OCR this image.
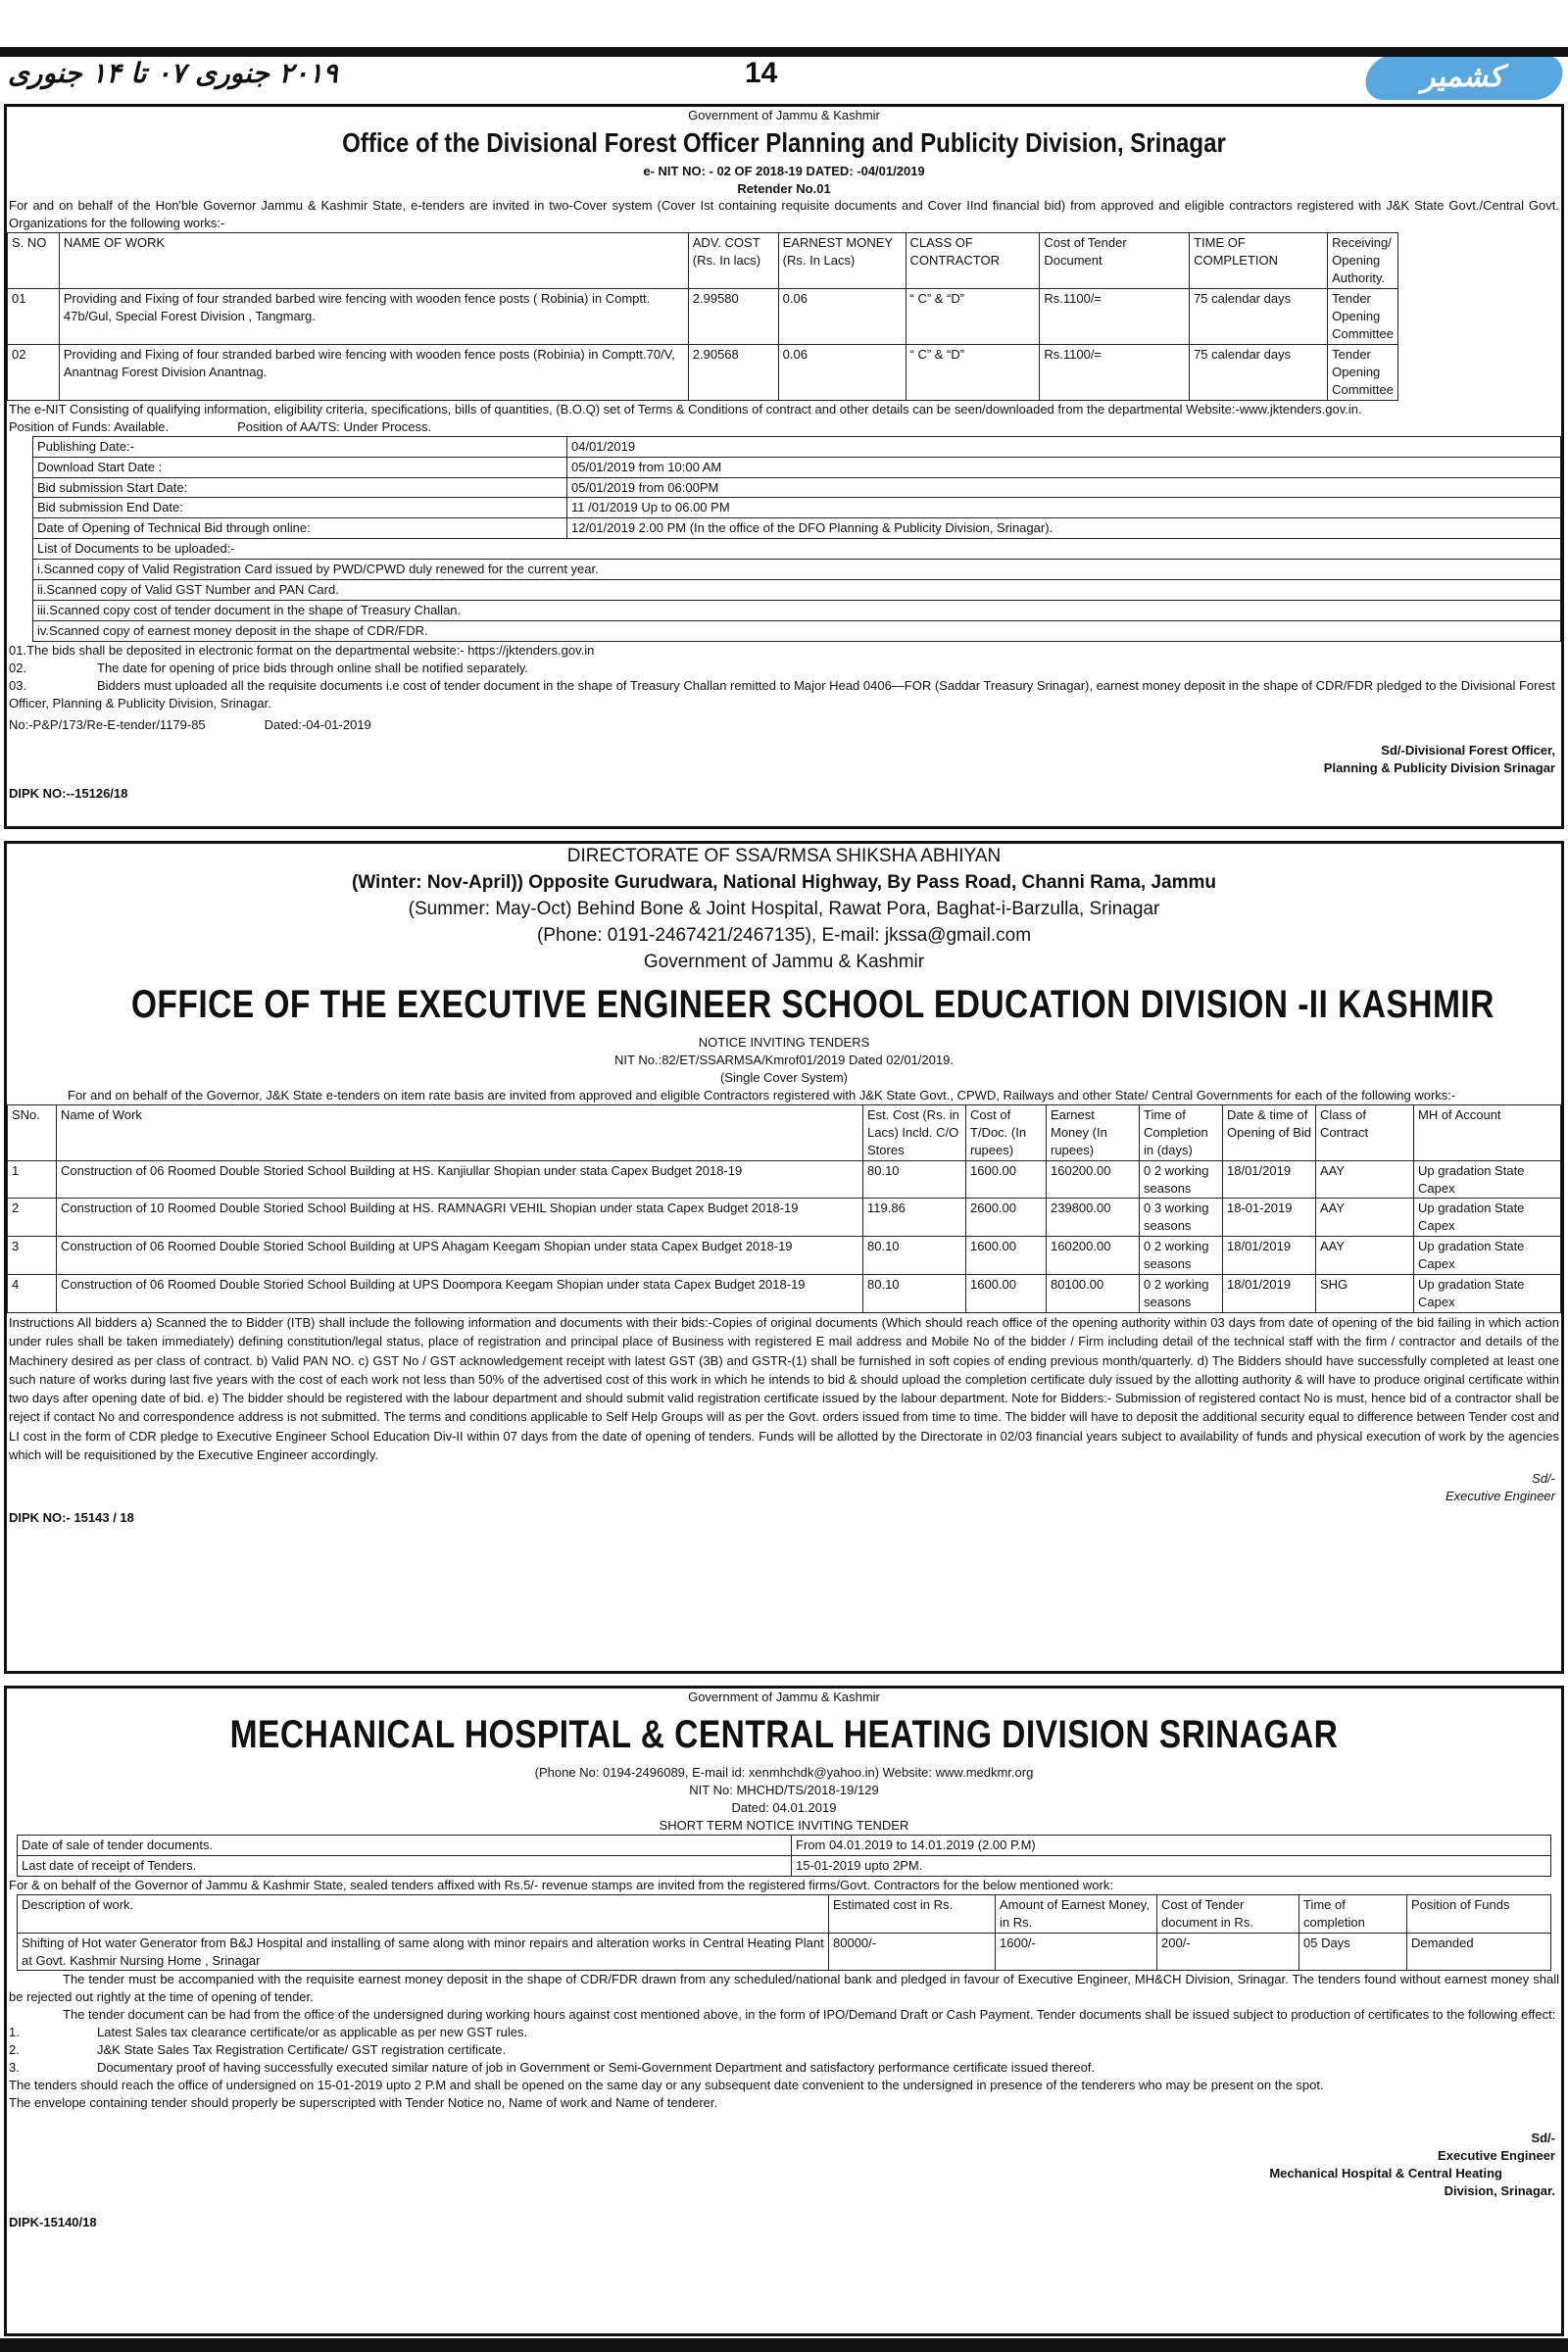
۲۰۱۹ جنوری ۰۷ تا ۱۴ جنوری	14	کشمیر
Government of Jammu & Kashmir
Office of the Divisional Forest Officer Planning and Publicity Division, Srinagar
e- NIT NO: - 02 OF 2018-19 DATED: -04/01/2019
Retender No.01
For and on behalf of the Hon'ble Governor Jammu & Kashmir State, e-tenders are invited in two-Cover system (Cover Ist containing requisite documents and Cover IInd financial bid) from approved and eligible contractors registered with J&K State Govt./Central Govt. Organizations for the following works:-
S. NO	NAME OF WORK	ADV. COST (Rs. In lacs)	EARNEST MONEY (Rs. In Lacs)	CLASS OF CONTRACTOR	Cost of Tender Document	TIME OF COMPLETION	Receiving/ Opening Authority.
01	Providing and Fixing of four stranded barbed wire fencing with wooden fence posts ( Robinia) in Comptt. 47b/Gul, Special Forest Division , Tangmarg.	2.99580	0.06	“ C” & “D”	Rs.1100/=	75 calendar days	Tender Opening Committee
02	Providing and Fixing of four stranded barbed wire fencing with wooden fence posts (Robinia) in Comptt.70/V, Anantnag Forest Division Anantnag.	2.90568	0.06	“ C” & “D”	Rs.1100/=	75 calendar days	Tender Opening Committee
The e-NIT Consisting of qualifying information, eligibility criteria, specifications, bills of quantities, (B.O.Q) set of Terms & Conditions of contract and other details can be seen/downloaded from the departmental Website:-www.jktenders.gov.in.
Position of Funds: Available.	Position of AA/TS: Under Process.
Publishing Date:-	04/01/2019
Download Start Date :	05/01/2019 from 10:00 AM
Bid submission Start Date:	05/01/2019 from 06:00PM
Bid submission End Date:	11 /01/2019 Up to 06.00 PM
Date of Opening of Technical Bid through online:	12/01/2019 2.00 PM (In the office of the DFO Planning & Publicity Division, Srinagar).
List of Documents to be uploaded:-	
i.Scanned copy of Valid Registration Card issued by PWD/CPWD duly renewed for the current year.	
ii.Scanned copy of Valid GST Number and PAN Card.	
iii.Scanned copy cost of tender document in the shape of Treasury Challan.	
iv.Scanned copy of earnest money deposit in the shape of CDR/FDR.	
01.The bids shall be deposited in electronic format on the departmental website:- https://jktenders.gov.in
02.	The date for opening of price bids through online shall be notified separately.
03.	Bidders must uploaded all the requisite documents i.e cost of tender document in the shape of Treasury Challan remitted to Major Head 0406—FOR (Saddar Treasury Srinagar), earnest money deposit in the shape of CDR/FDR pledged to the Divisional Forest Officer, Planning & Publicity Division, Srinagar.
No:-P&P/173/Re-E-tender/1179-85	Dated:-04-01-2019
Sd/-Divisional Forest Officer,
Planning & Publicity Division Srinagar
DIPK NO:--15126/18
DIRECTORATE OF SSA/RMSA SHIKSHA ABHIYAN
(Winter: Nov-April)) Opposite Gurudwara, National Highway, By Pass Road, Channi Rama, Jammu
(Summer: May-Oct) Behind Bone & Joint Hospital, Rawat Pora, Baghat-i-Barzulla, Srinagar
(Phone: 0191-2467421/2467135), E-mail: jkssa@gmail.com
Government of Jammu & Kashmir
OFFICE OF THE EXECUTIVE ENGINEER SCHOOL EDUCATION DIVISION -II KASHMIR
NOTICE INVITING TENDERS
NIT No.:82/ET/SSARMSA/Kmrof01/2019 Dated 02/01/2019.
(Single Cover System)
For and on behalf of the Governor, J&K State e-tenders on item rate basis are invited from approved and eligible Contractors registered with J&K State Govt., CPWD, Railways and other State/ Central Governments for each of the following works:-
SNo.	Name of Work	Est. Cost (Rs. in Lacs) Incld. C/O Stores	Cost of T/Doc. (In rupees)	Earnest Money (In rupees)	Time of Completion in (days)	Date & time of Opening of Bid	Class of Contract	MH of Account
1	Construction of 06 Roomed Double Storied School Building at HS. Kanjiullar Shopian under stata Capex Budget 2018-19	80.10	1600.00	160200.00	0 2 working seasons	18/01/2019	AAY	Up gradation State Capex
2	Construction of 10 Roomed Double Storied School Building at HS. RAMNAGRI VEHIL Shopian under stata Capex Budget 2018-19	119.86	2600.00	239800.00	0 3 working seasons	18-01-2019	AAY	Up gradation State Capex
3	Construction of 06 Roomed Double Storied School Building at UPS Ahagam Keegam Shopian under stata Capex Budget 2018-19	80.10	1600.00	160200.00	0 2 working seasons	18/01/2019	AAY	Up gradation State Capex
4	Construction of 06 Roomed Double Storied School Building at UPS Doompora Keegam Shopian under stata Capex Budget 2018-19	80.10	1600.00	80100.00	0 2 working seasons	18/01/2019	SHG	Up gradation State Capex
Instructions All bidders a) Scanned the to Bidder (ITB) shall include the following information and documents with their bids:-Copies of original documents (Which should reach office of the opening authority within 03 days from date of opening of the bid failing in which action under rules shall be taken immediately) defining constitution/legal status, place of registration and principal place of Business with registered E mail address and Mobile No of the bidder / Firm including detail of the technical staff with the firm / contractor and details of the Machinery desired as per class of contract. b) Valid PAN NO. c) GST No / GST acknowledgement receipt with latest GST (3B) and GSTR-(1) shall be furnished in soft copies of ending previous month/quarterly. d) The Bidders should have successfully completed at least one such nature of works during last five years with the cost of each work not less than 50% of the advertised cost of this work in which he intends to bid & should upload the completion certificate duly issued by the allotting authority & will have to produce original certificate within two days after opening date of bid. e) The bidder should be registered with the labour department and should submit valid registration certificate issued by the labour department. Note for Bidders:- Submission of registered contact No is must, hence bid of a contractor shall be reject if contact No and correspondence address is not submitted. The terms and conditions applicable to Self Help Groups will as per the Govt. orders issued from time to time. The bidder will have to deposit the additional security equal to difference between Tender cost and LI cost in the form of CDR pledge to Executive Engineer School Education Div-II within 07 days from the date of opening of tenders. Funds will be allotted by the Directorate in 02/03 financial years subject to availability of funds and physical execution of work by the agencies which will be requisitioned by the Executive Engineer accordingly.
Sd/-
Executive Engineer
DIPK NO:- 15143 / 18
Government of Jammu & Kashmir
MECHANICAL HOSPITAL & CENTRAL HEATING DIVISION SRINAGAR
(Phone No: 0194-2496089, E-mail id: xenmhchdk@yahoo.in) Website: www.medkmr.org
NIT No: MHCHD/TS/2018-19/129
Dated: 04.01.2019
SHORT TERM NOTICE INVITING TENDER
Date of sale of tender documents.	From 04.01.2019 to 14.01.2019 (2.00 P.M)
Last date of receipt of Tenders.	15-01-2019 upto 2PM.
For & on behalf of the Governor of Jammu & Kashmir State, sealed tenders affixed with Rs.5/- revenue stamps are invited from the registered firms/Govt. Contractors for the below mentioned work:
Description of work.	Estimated cost in Rs.	Amount of Earnest Money, in Rs.	Cost of Tender document in Rs.	Time of completion	Position of Funds
Shifting of Hot water Generator from B&J Hospital and installing of same along with minor repairs and alteration works in Central Heating Plant at Govt. Kashmir Nursing Home , Srinagar	80000/-	1600/-	200/-	05 Days	Demanded
The tender must be accompanied with the requisite earnest money deposit in the shape of CDR/FDR drawn from any scheduled/national bank and pledged in favour of Executive Engineer, MH&CH Division, Srinagar. The tenders found without earnest money shall be rejected out rightly at the time of opening of tender.
The tender document can be had from the office of the undersigned during working hours against cost mentioned above, in the form of IPO/Demand Draft or Cash Payment. Tender documents shall be issued subject to production of certificates to the following effect:
1.	Latest Sales tax clearance certificate/or as applicable as per new GST rules.
2.	J&K State Sales Tax Registration Certificate/ GST registration certificate.
3.	Documentary proof of having successfully executed similar nature of job in Government or Semi-Government Department and satisfactory performance certificate issued thereof.
The tenders should reach the office of undersigned on 15-01-2019 upto 2 P.M and shall be opened on the same day or any subsequent date convenient to the undersigned in presence of the tenderers who may be present on the spot.
The envelope containing tender should properly be superscripted with Tender Notice no, Name of work and Name of tenderer.
Sd/-
Executive Engineer
Mechanical Hospital & Central Heating
Division, Srinagar.
DIPK-15140/18
